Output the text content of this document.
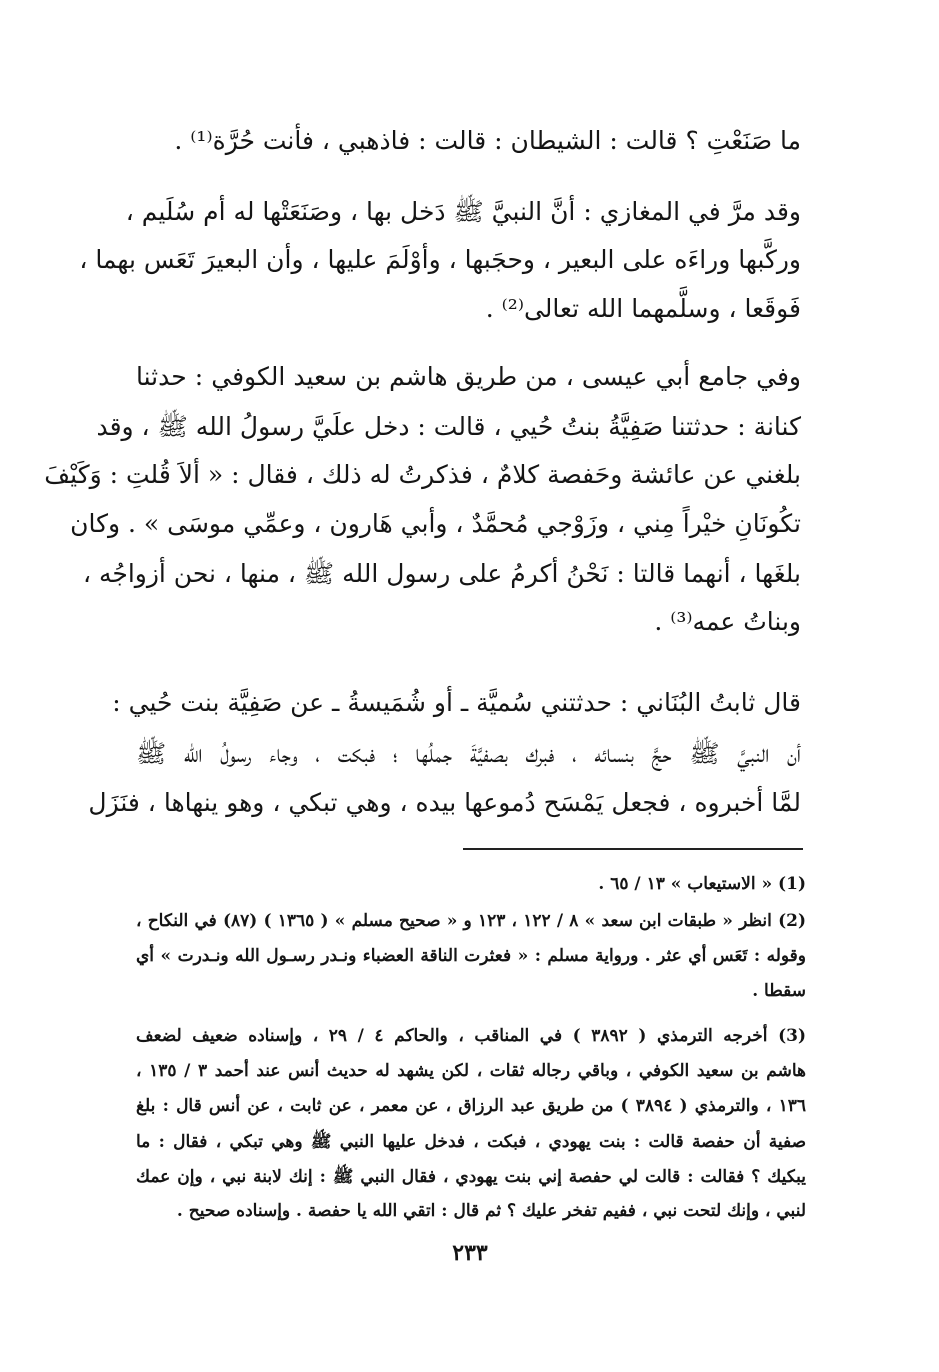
ما صَنَعْتِ ؟ قالت : الشيطان : قالت : فاذهبي ، فأنت حُرَّة⁽¹⁾ .
وقد مرَّ في المغازي : أنَّ النبيَّ ﷺ دَخل بها ، وصَنَعَتْها له أم سُلَيم ،
وركَّبها وراءَه على البعير ، وحجَبها ، وأوْلَمَ عليها ، وأن البعيرَ تَعَس بهما ،
فَوقَعا ، وسلَّمهما الله تعالى⁽²⁾ .
وفي جامع أبي عيسى ، من طريق هاشم بن سعيد الكوفي : حدثنا
كنانة : حدثتنا صَفِيَّةُ بنتُ حُيي ، قالت : دخل علَيَّ رسولُ الله ﷺ ، وقد
بلغني عن عائشة وحَفصة كلامٌ ، فذكرتُ له ذلك ، فقال : « ألاَ قُلتِ : وَكَيْفَ
تكُونَانِ خيْراً مِني ، وزَوْجي مُحمَّدٌ ، وأبي هَارون ، وعمِّي موسَى » . وكان
بلغَها ، أنهما قالتا : نَحْنُ أكرمُ على رسول الله ﷺ ، منها ، نحن أزواجُه ،
وبناتُ عمه⁽³⁾ .
قال ثابتُ البُنَاني : حدثتني سُميَّة ـ أو شُمَيسةُ ـ عن صَفِيَّة بنت حُيي :
أن النبيَّ ﷺ حجَّ بنسائه ، فبرك بصفيَّةَ جملُها ؛ فبكت ، وجاء رسولُ الله ﷺ
لمَّا أخبروه ، فجعل يَمْسَح دُموعها بيده ، وهي تبكي ، وهو ينهاها ، فنَزَل
(1) « الاستيعاب » ١٣ / ٦٥ .
(2) انظر « طبقات ابن سعد » ٨ / ١٢٢ ، ١٢٣ و « صحيح مسلم » ( ١٣٦٥ ) (٨٧) في النكاح ،
وقوله : تَعَس أي عثر . ورواية مسلم : « فعثرت الناقة العضباء ونـدر رسـول الله ونـدرت » أي
سقطا .
(3) أخرجه الترمذي ( ٣٨٩٢ ) في المناقب ، والحاكم ٤ / ٢٩ ، وإسناده ضعيف لضعف
هاشم بن سعيد الكوفي ، وباقي رجاله ثقات ، لكن يشهد له حديث أنس عند أحمد ٣ / ١٣٥ ،
١٣٦ ، والترمذي ( ٣٨٩٤ ) من طريق عبد الرزاق ، عن معمر ، عن ثابت ، عن أنس قال : بلغ
صفية أن حفصة قالت : بنت يهودي ، فبكت ، فدخل عليها النبي ﷺ وهي تبكي ، فقال : ما
يبكيك ؟ فقالت : قالت لي حفصة إني بنت يهودي ، فقال النبي ﷺ : إنك لابنة نبي ، وإن عمك
لنبي ، وإنك لتحت نبي ، ففيم تفخر عليك ؟ ثم قال : اتقي الله يا حفصة . وإسناده صحيح .
٢٣٣
